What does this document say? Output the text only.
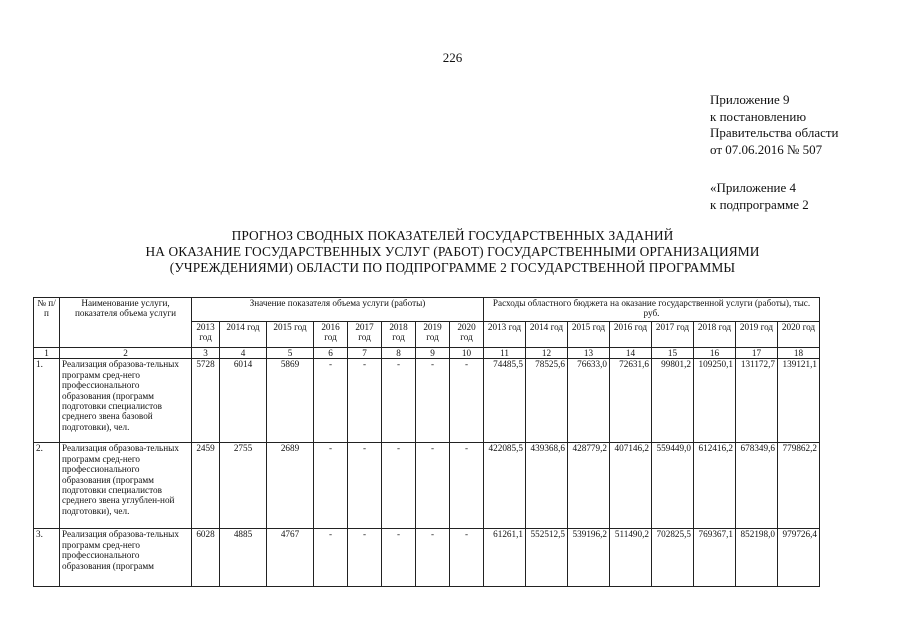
226
Приложение 9
к постановлению
Правительства области
от 07.06.2016 № 507
«Приложение 4
к подпрограмме 2
ПРОГНОЗ СВОДНЫХ ПОКАЗАТЕЛЕЙ ГОСУДАРСТВЕННЫХ ЗАДАНИЙ
НА ОКАЗАНИЕ ГОСУДАРСТВЕННЫХ УСЛУГ (РАБОТ) ГОСУДАРСТВЕННЫМИ ОРГАНИЗАЦИЯМИ
(УЧРЕЖДЕНИЯМИ) ОБЛАСТИ ПО ПОДПРОГРАММЕ 2 ГОСУДАРСТВЕННОЙ ПРОГРАММЫ
№ п/п	Наименование услуги, показателя объема услуги	Значение показателя объема услуги (работы)								Расходы областного бюджета на оказание государственной услуги (работы), тыс. руб.							
		2013 год	2014 год	2015 год	2016 год	2017 год	2018 год	2019 год	2020 год	2013 год	2014 год	2015 год	2016 год	2017 год	2018 год	2019 год	2020 год
1	2	3	4	5	6	7	8	9	10	11	12	13	14	15	16	17	18
1.	Реализация образова-тельных программ сред-него профессионального образования (программ подготовки специалистов среднего звена базовой подготовки), чел.	5728	6014	5869	-	-	-	-	-	74485,5	78525,6	76633,0	72631,6	99801,2	109250,1	131172,7	139121,1
2.	Реализация образова-тельных программ сред-него профессионального образования (программ подготовки специалистов среднего звена углублен-ной подготовки), чел.	2459	2755	2689	-	-	-	-	-	422085,5	439368,6	428779,2	407146,2	559449,0	612416,2	678349,6	779862,2
3.	Реализация образова-тельных программ сред-него профессионального образования (программ	6028	4885	4767	-	-	-	-	-	61261,1	552512,5	539196,2	511490,2	702825,5	769367,1	852198,0	979726,4
